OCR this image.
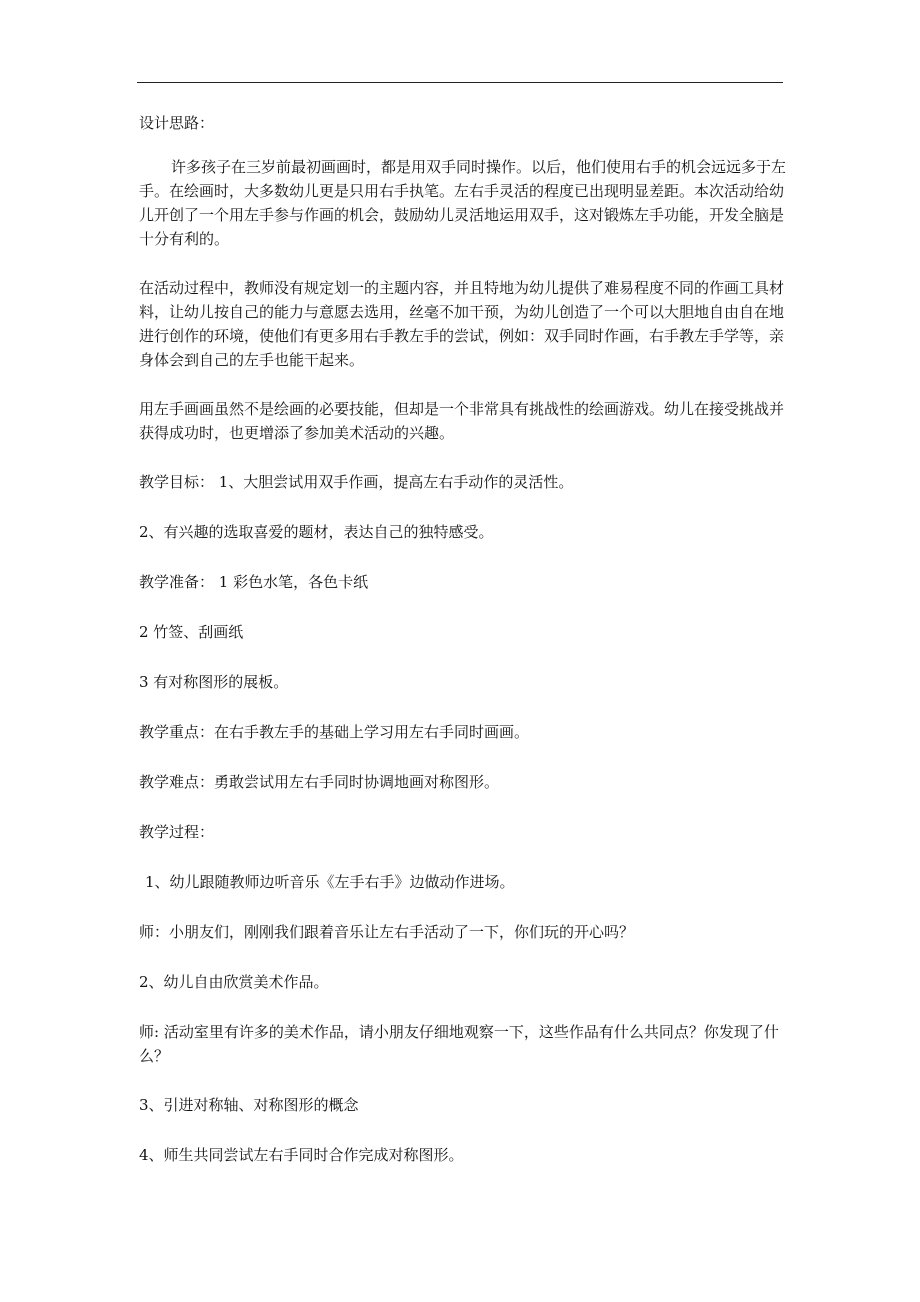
设计思路：

许多孩子在三岁前最初画画时，都是用双手同时操作。以后，他们使用右手的机会远远多于左手。在绘画时，大多数幼儿更是只用右手执笔。左右手灵活的程度已出现明显差距。本次活动给幼儿开创了一个用左手参与作画的机会，鼓励幼儿灵活地运用双手，这对锻炼左手功能，开发全脑是十分有利的。

在活动过程中，教师没有规定划一的主题内容，并且特地为幼儿提供了难易程度不同的作画工具材料，让幼儿按自己的能力与意愿去选用，丝毫不加干预，为幼儿创造了一个可以大胆地自由自在地进行创作的环境，使他们有更多用右手教左手的尝试，例如：双手同时作画，右手教左手学等，亲身体会到自己的左手也能干起来。

用左手画画虽然不是绘画的必要技能，但却是一个非常具有挑战性的绘画游戏。幼儿在接受挑战并获得成功时，也更增添了参加美术活动的兴趣。

教学目标： 1、大胆尝试用双手作画，提高左右手动作的灵活性。

2、有兴趣的选取喜爱的题材，表达自己的独特感受。

教学准备： 1 彩色水笔，各色卡纸

2 竹签、刮画纸

3 有对称图形的展板。

教学重点：在右手教左手的基础上学习用左右手同时画画。

教学难点：勇敢尝试用左右手同时协调地画对称图形。

教学过程：

1、幼儿跟随教师边听音乐《左手右手》边做动作进场。

师：小朋友们，刚刚我们跟着音乐让左右手活动了一下，你们玩的开心吗？

2、幼儿自由欣赏美术作品。

师: 活动室里有许多的美术作品，请小朋友仔细地观察一下，这些作品有什么共同点？你发现了什么？

3、引进对称轴、对称图形的概念

4、师生共同尝试左右手同时合作完成对称图形。
